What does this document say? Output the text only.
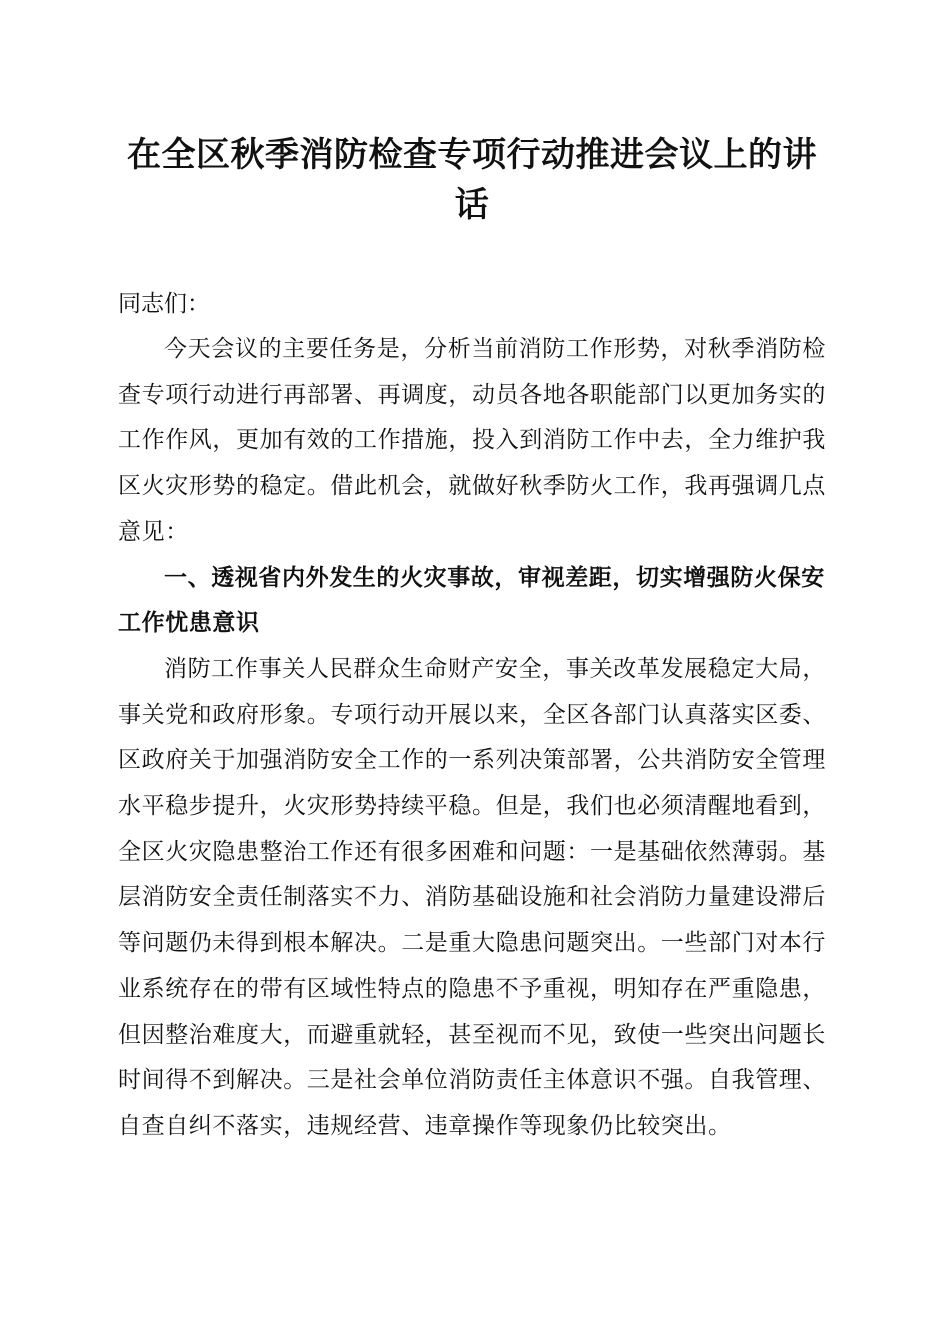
在全区秋季消防检查专项行动推进会议上的讲话

同志们：

今天会议的主要任务是，分析当前消防工作形势，对秋季消防检查专项行动进行再部署、再调度，动员各地各职能部门以更加务实的工作作风，更加有效的工作措施，投入到消防工作中去，全力维护我区火灾形势的稳定。借此机会，就做好秋季防火工作，我再强调几点意见：

一、透视省内外发生的火灾事故，审视差距，切实增强防火保安工作忧患意识

消防工作事关人民群众生命财产安全，事关改革发展稳定大局，事关党和政府形象。专项行动开展以来，全区各部门认真落实区委、区政府关于加强消防安全工作的一系列决策部署，公共消防安全管理水平稳步提升，火灾形势持续平稳。但是，我们也必须清醒地看到，全区火灾隐患整治工作还有很多困难和问题：一是基础依然薄弱。基层消防安全责任制落实不力、消防基础设施和社会消防力量建设滞后等问题仍未得到根本解决。二是重大隐患问题突出。一些部门对本行业系统存在的带有区域性特点的隐患不予重视，明知存在严重隐患，但因整治难度大，而避重就轻，甚至视而不见，致使一些突出问题长时间得不到解决。三是社会单位消防责任主体意识不强。自我管理、自查自纠不落实，违规经营、违章操作等现象仍比较突出。
